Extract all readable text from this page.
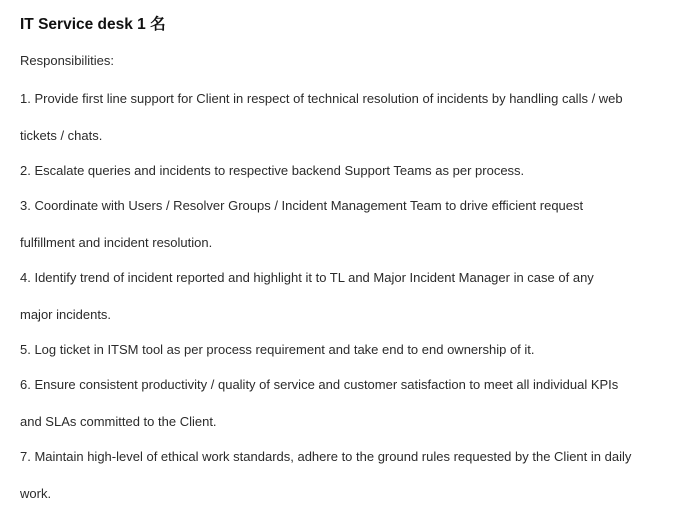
IT Service desk 1 名
Responsibilities:
1. Provide first line support for Client in respect of technical resolution of incidents by handling calls / web
tickets / chats.
2. Escalate queries and incidents to respective backend Support Teams as per process.
3. Coordinate with Users / Resolver Groups / Incident Management Team to drive efficient request
fulfillment and incident resolution.
4. Identify trend of incident reported and highlight it to TL and Major Incident Manager in case of any
major incidents.
5. Log ticket in ITSM tool as per process requirement and take end to end ownership of it.
6. Ensure consistent productivity / quality of service and customer satisfaction to meet all individual KPIs
and SLAs committed to the Client.
7. Maintain high-level of ethical work standards, adhere to the ground rules requested by the Client in daily
work.
